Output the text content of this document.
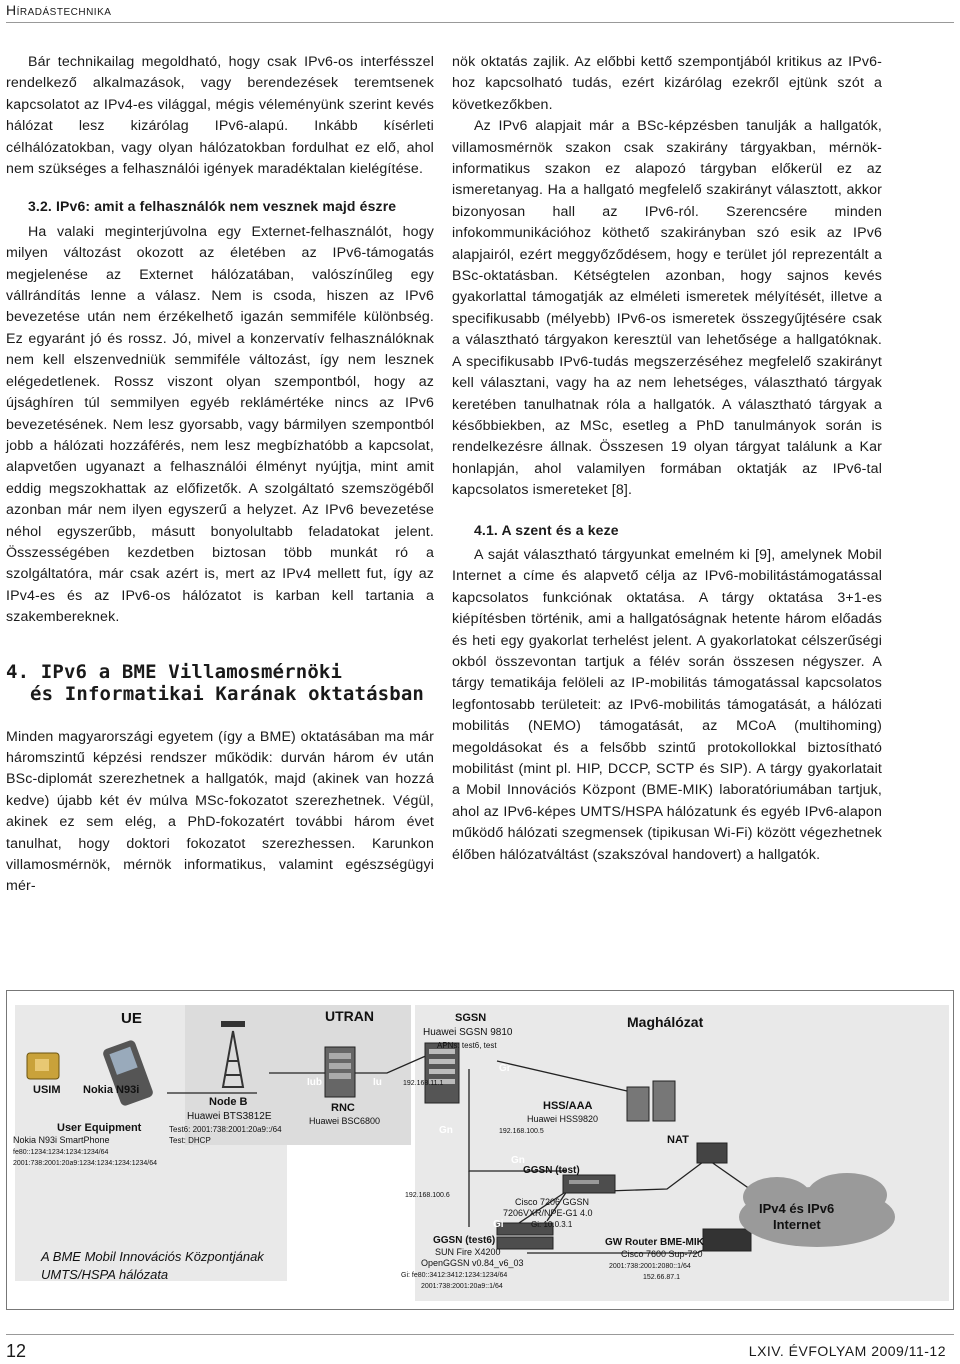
Híradástechnika

Bár technikailag megoldható, hogy csak IPv6-os interfésszel rendelkező alkalmazások, vagy berendezések teremtsenek kapcsolatot az IPv4-es világgal, mégis véleményünk szerint kevés hálózat lesz kizárólag IPv6-alapú. Inkább kísérleti célhálózatokban, vagy olyan hálózatokban fordulhat ez elő, ahol nem szükséges a felhasználói igények maradéktalan kielégítése.

3.2. IPv6: amit a felhasználók nem vesznek majd észre

Ha valaki meginterjúvolna egy Externet-felhasználót, hogy milyen változást okozott az életében az IPv6-támogatás megjelenése az Externet hálózatában, valószínűleg egy vállrándítás lenne a válasz. Nem is csoda, hiszen az IPv6 bevezetése után nem érzékelhető igazán semmiféle különbség. Ez egyaránt jó és rossz. Jó, mivel a konzervatív felhasználóknak nem kell elszenvedniük semmiféle változást, így nem lesznek elégedetlenek. Rossz viszont olyan szempontból, hogy az újsághíren túl semmilyen egyéb reklámértéke nincs az IPv6 bevezetésének. Nem lesz gyorsabb, vagy bármilyen szempontból jobb a hálózati hozzáférés, nem lesz megbízhatóbb a kapcsolat, alapvetően ugyanazt a felhasználói élményt nyújtja, mint amit eddig megszokhattak az előfizetők. A szolgáltató szemszögéből azonban már nem ilyen egyszerű a helyzet. Az IPv6 bevezetése néhol egyszerűbb, másutt bonyolultabb feladatokat jelent. Összességében kezdetben biztosan több munkát ró a szolgáltatóra, már csak azért is, mert az IPv4 mellett fut, így az IPv4-es és az IPv6-os hálózatot is karban kell tartania a szakembereknek.

4. IPv6 a BME Villamosmérnöki
és Informatikai Karának oktatásban

Minden magyarországi egyetem (így a BME) oktatásában ma már háromszintű képzési rendszer működik: durván három év után BSc-diplomát szerezhetnek a hallgatók, majd (akinek van hozzá kedve) újabb két év múlva MSc-fokozatot szerezhetnek. Végül, akinek ez sem elég, a PhD-fokozatért további három évet tanulhat, hogy doktori fokozatot szerezhessen. Karunkon villamosmérnök, mérnök informatikus, valamint egészségügyi mér-

nök oktatás zajlik. Az előbbi kettő szempontjából kritikus az IPv6-hoz kapcsolható tudás, ezért kizárólag ezekről ejtünk szót a következőkben.

Az IPv6 alapjait már a BSc-képzésben tanulják a hallgatók, villamosmérnök szakon csak szakirány tárgyakban, mérnök-informatikus szakon ez alapozó tárgyban előkerül ez az ismeretanyag. Ha a hallgató megfelelő szakirányt választott, akkor bizonyosan hall az IPv6-ról. Szerencsére minden infokommunikációhoz köthető szakirányban szó esik az IPv6 alapjairól, ezért meggyőződésem, hogy e terület jól reprezentált a BSc-oktatásban. Kétségtelen azonban, hogy sajnos kevés gyakorlattal támogatják az elméleti ismeretek mélyítését, illetve a specifikusabb (mélyebb) IPv6-os ismeretek összegyűjtésére csak a választható tárgyakon keresztül van lehetősége a hallgatóknak. A specifikusabb IPv6-tudás megszerzéséhez megfelelő szakirányt kell választani, vagy ha az nem lehetséges, választható tárgyak keretében tanulhatnak róla a hallgatók. A választható tárgyak a későbbiekben, az MSc, esetleg a PhD tanulmányok során is rendelkezésre állnak. Összesen 19 olyan tárgyat találunk a Kar honlapján, ahol valamilyen formában oktatják az IPv6-tal kapcsolatos ismereteket [8].

4.1. A szent és a keze

A saját választható tárgyunkat emelném ki [9], amelynek Mobil Internet a címe és alapvető célja az IPv6-mobilitástámogatással kapcsolatos funkciónak oktatása. A tárgy oktatása 3+1-es kiépítésben történik, ami a hallgatóságnak hetente három előadás és heti egy gyakorlat terhelést jelent. A gyakorlatokat célszerűségi okból összevontan tartjuk a félév során összesen négyszer. A tárgy tematikája felöleli az IP-mobilitás támogatással kapcsolatos legfontosabb területeit: az IPv6-mobilitás támogatását, a hálózati mobilitás (NEMO) támogatását, az MCoA (multihoming) megoldásokat és a felsőbb szintű protokollokkal biztosítható mobilitást (mint pl. HIP, DCCP, SCTP és SIP). A tárgy gyakorlatait a Mobil Innovációs Központ (BME-MIK) laboratóriumában tartjuk, ahol az IPv6-képes UMTS/HSPA hálózatunk és egyéb IPv6-alapon működő hálózati szegmensek (tipikusan Wi-Fi) között végezhetnek élőben hálózatváltást (szakszóval handovert) a hallgatók.

UE	UTRAN	SGSN
Huawei SGSN 9810
APNs: test6, test
Maghálózat
USIM Nokia N93i
Node B
Huawei BTS3812E
Test6: 2001:738:2001:20a9::/64
Test: DHCP
Iub	Iu
RNC
Huawei BSC6800
Gr
192.168.11.1
HSS/AAA
Huawei HSS9820
192.168.100.5
Gn
Gn
User Equipment
Nokia N93i SmartPhone
fe80::1234:1234:1234:1234/64
2001:738:2001:20a9:1234:1234:1234:1234/64
GGSN (test)
Cisco 7206 GGSN
7206VXR/NPE-G1 4.0
Gi: 10.0.3.1
NAT
192.168.100.6
Gi
IPv4 és IPv6
Internet
GGSN (test6)
SUN Fire X4200
OpenGGSN v0.84_v6_03
Gi: fe80::3412:3412:1234:1234/64
2001:738:2001:20a9::1/64
GW Router BME-MIK
Cisco 7600 Sup-720
2001:738:2001:2080::1/64
152.66.87.1
A BME Mobil Innovációs Központjának
UMTS/HSPA hálózata
12	LXIV. ÉVFOLYAM 2009/11-12
